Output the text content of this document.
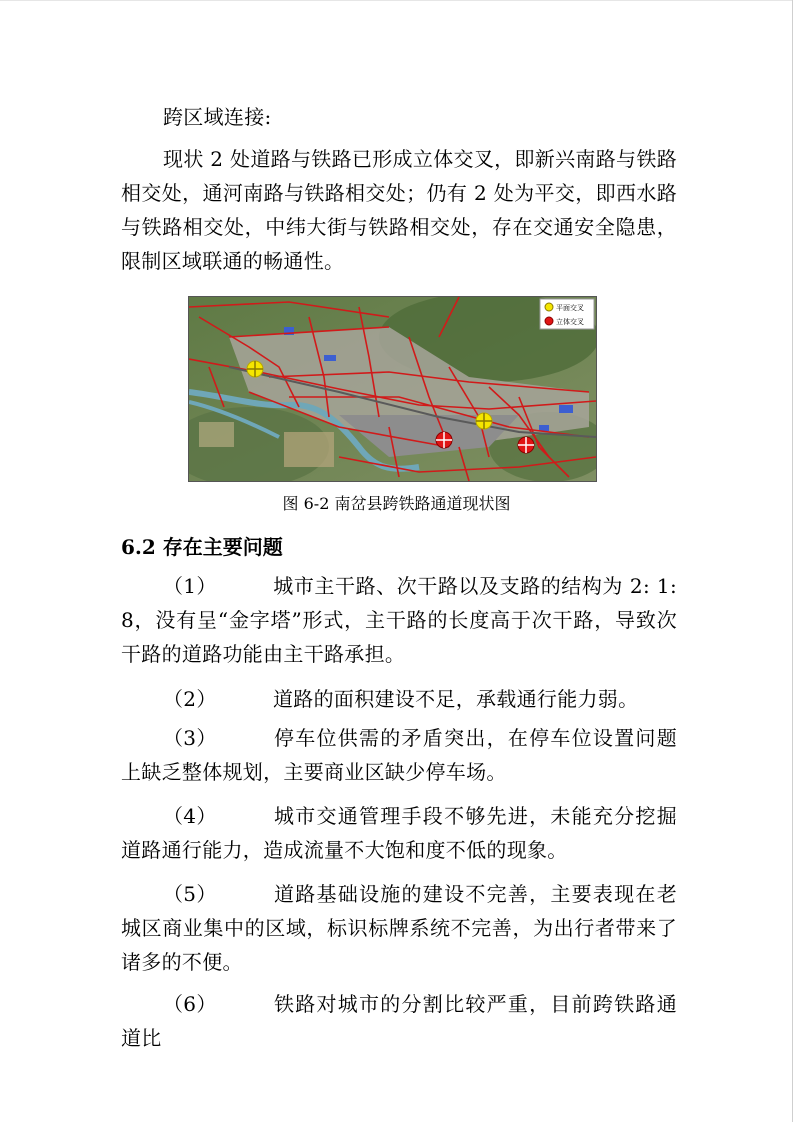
跨区域连接:

现状 2 处道路与铁路已形成立体交叉，即新兴南路与铁路相交处，通河南路与铁路相交处；仍有 2 处为平交，即西水路与铁路相交处，中纬大街与铁路相交处，存在交通安全隐患，限制区域联通的畅通性。

平面交叉
立体交叉
图 6-2 南岔县跨铁路通道现状图

6.2 存在主要问题

（1）	城市主干路、次干路以及支路的结构为 2: 1: 8，没有呈“金字塔”形式，主干路的长度高于次干路，导致次干路的道路功能由主干路承担。

（2）	道路的面积建设不足，承载通行能力弱。

（3）	停车位供需的矛盾突出，在停车位设置问题上缺乏整体规划，主要商业区缺少停车场。

（4）	城市交通管理手段不够先进，未能充分挖掘道路通行能力，造成流量不大饱和度不低的现象。

（5）	道路基础设施的建设不完善，主要表现在老城区商业集中的区域，标识标牌系统不完善，为出行者带来了诸多的不便。

（6）	铁路对城市的分割比较严重，目前跨铁路通道比
